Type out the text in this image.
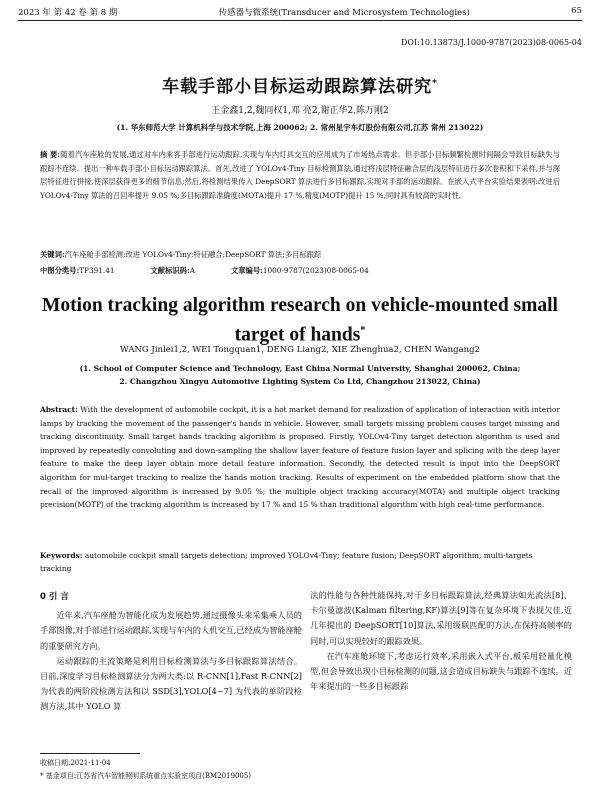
2023 年 第 42 卷 第 8 期	传感器与微系统(Transducer and Microsystem Technologies)	65
DOI:10.13873/J.1000-9787(2023)08-0065-04
车载手部小目标运动跟踪算法研究*
王金鑫1,2,魏同权1,邓 亮2,谢正华2,陈万刚2
(1. 华东师范大学 计算机科学与技术学院,上海 200062; 2. 常州星宇车灯股份有限公司,江苏 常州 213022)
摘 要:随着汽车座舱的发展,通过对车内乘客手部进行运动跟踪,实现与车内灯具交互的应用成为了市场热点需求。但手部小目标频繁检测时间隔会导致目标缺失与跟踪不连续。提出一种车载手部小目标运动跟踪算法。首先,改进了 YOLOv4-Tiny 目标检测算法,通过将浅层特征融合层的浅层特征进行多次卷积和下采样,并与深层特征进行拼接,使深层获得更多的细节信息;然后,将检测结果传入 DeepSORT 算法进行多目标跟踪,实现对手部的运动跟踪。在嵌入式平台实验结果表明:改进后 YOLOv4-Tiny 算法的召回率提升 9.05 %;多目标跟踪准确度(MOTA)提升 17 %,精度(MOTP)提升 15 %,同时具有较高的实时性。
关键词:汽车座舱手部检测;改进 YOLOv4-Tiny;特征融合;DeepSORT 算法;多目标跟踪
中图分类号:TP391.41	文献标识码:A	文章编号:1000-9787(2023)08-0065-04
Motion tracking algorithm research on vehicle-mounted small target of hands*
WANG Jinlei1,2, WEI Tongquan1, DENG Liang2, XIE Zhenghua2, CHEN Wangang2
(1. School of Computer Science and Technology, East China Normal University, Shanghai 200062, China;
2. Changzhou Xingyu Automotive Lighting System Co Ltd, Changzhou 213022, China)
Abstract: With the development of automobile cockpit, it is a hot market demand for realization of application of interaction with interior lamps by tracking the movement of the passenger's hands in vehicle. However, small targets missing problem causes target missing and tracking discontinuity. Small target hands tracking algorithm is proposed. Firstly, YOLOv4-Tiny target detection algorithm is used and improved by repeatedly convoluting and down-sampling the shallow layer feature of feature fusion layer and splicing with the deep layer feature to make the deep layer obtain more detail feature information. Secondly, the detected result is input into the DeepSORT algorithm for mul-target tracking to realize the hands motion tracking. Results of experiment on the embedded platform show that the recall of the improved algorithm is increased by 9.05 %; the multiple object tracking accuracy(MOTA) and multiple object tracking precision(MOTP) of the tracking algorithm is increased by 17 % and 15 % than traditional algorithm with high real-time performance.
Keywords: automobile cockpit small targets detection; improved YOLOv4-Tiny; feature fusion; DeepSORT algorithm; multi-targets tracking
0 引 言

近年来,汽车座舱为智能化成为发展趋势,通过摄像头来采集乘人员的手部图像,对手部进行运动跟踪,实现与车内的人机交互,已经成为智能座舱的重要研究方向。

运动跟踪的主流策略是利用目标检测算法与多目标跟踪算法结合。目前,深度学习目标检测算法分为两大类:以 R-CNN[1],Fast R-CNN[2]为代表的两阶段检测方法和以 SSD[3],YOLO[4~7] 为代表的单阶段检测方法,其中 YOLO 算

法的性能与各种性能保持,对于多目标跟踪算法,经典算法如光流法[8]、卡尔曼滤波(Kalman filtering,KF)算法[9]等在复杂环境下表现欠佳,近几年提出的 DeepSORT[10]算法,采用级联匹配的方法,在保持高帧率的同时,可以实现较好的跟踪效果。

在汽车座舱环境下,考虑运行效率,采用嵌入式平台,板采用轻量化模型,但会导致出现小目标检测的问题,这会造成目标缺失与跟踪不连续。近年来提出的一些多目标跟踪

收稿日期:2021-11-04
* 基金项目:江苏省汽车智能照明系统重点实验室项目(BM2019005)
